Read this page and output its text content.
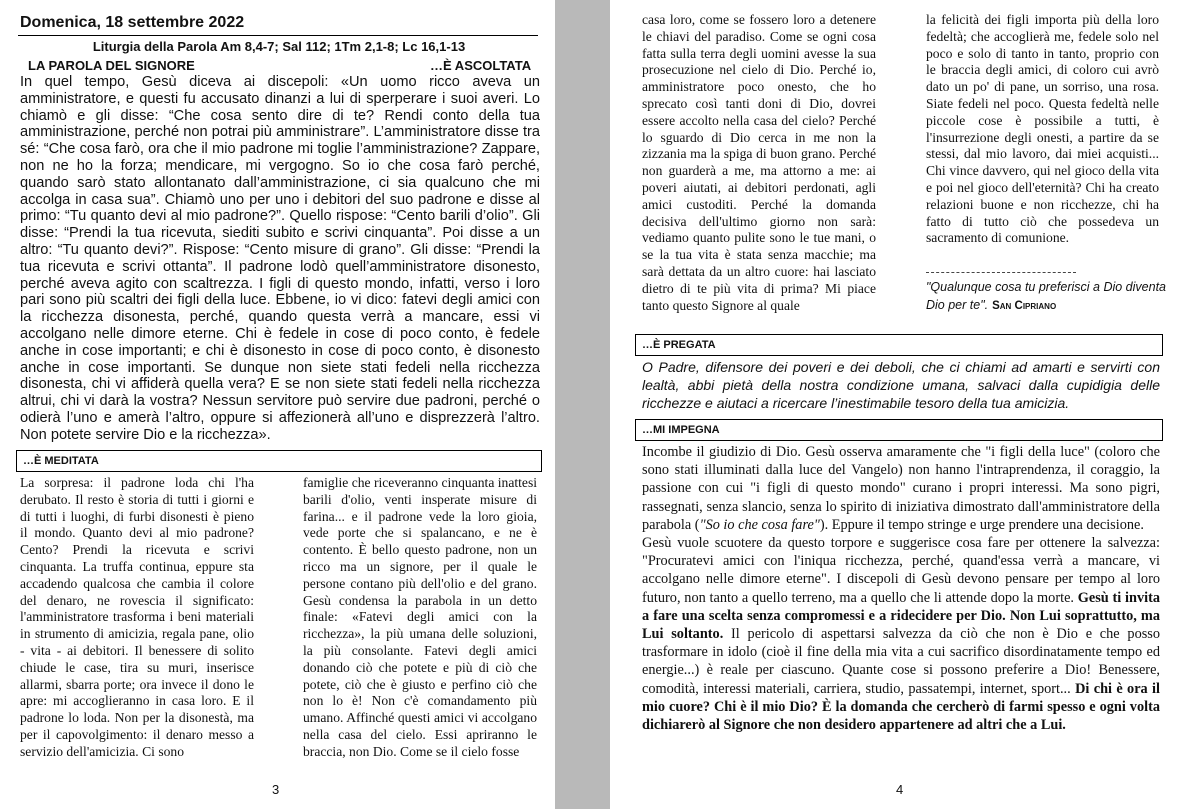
Domenica, 18 settembre 2022
Liturgia della Parola Am 8,4-7; Sal 112; 1Tm 2,1-8; Lc 16,1-13
LA PAROLA DEL SIGNORE	…È ASCOLTATA
In quel tempo, Gesù diceva ai discepoli: «Un uomo ricco aveva un amministratore, e questi fu accusato dinanzi a lui di sperperare i suoi averi. Lo chiamò e gli disse: “Che cosa sento dire di te? Rendi conto della tua amministrazione, perché non potrai più amministrare”. L’amministratore disse tra sé: “Che cosa farò, ora che il mio padrone mi toglie l’amministrazione? Zappare, non ne ho la forza; mendicare, mi vergogno. So io che cosa farò perché, quando sarò stato allontanato dall’amministrazione, ci sia qualcuno che mi accolga in casa sua”. Chiamò uno per uno i debitori del suo padrone e disse al primo: “Tu quanto devi al mio padrone?”. Quello rispose: “Cento barili d’olio”. Gli disse: “Prendi la tua ricevuta, siediti subito e scrivi cinquanta”. Poi disse a un altro: “Tu quanto devi?”. Rispose: “Cento misure di grano”. Gli disse: “Prendi la tua ricevuta e scrivi ottanta”. Il padrone lodò quell’amministratore disonesto, perché aveva agito con scaltrezza. I figli di questo mondo, infatti, verso i loro pari sono più scaltri dei figli della luce. Ebbene, io vi dico: fatevi degli amici con la ricchezza disonesta, perché, quando questa verrà a mancare, essi vi accolgano nelle dimore eterne. Chi è fedele in cose di poco conto, è fedele anche in cose importanti; e chi è disonesto in cose di poco conto, è disonesto anche in cose importanti. Se dunque non siete stati fedeli nella ricchezza disonesta, chi vi affiderà quella vera? E se non siete stati fedeli nella ricchezza altrui, chi vi darà la vostra? Nessun servitore può servire due padroni, perché o odierà l’uno e amerà l’altro, oppure si affezionerà all’uno e disprezzerà l’altro. Non potete servire Dio e la ricchezza».
…È MEDITATA
La sorpresa: il padrone loda chi l'ha derubato. Il resto è storia di tutti i giorni e di tutti i luoghi, di furbi disonesti è pieno il mondo. Quanto devi al mio padrone? Cento? Prendi la ricevuta e scrivi cinquanta. La truffa continua, eppure sta accadendo qualcosa che cambia il colore del denaro, ne rovescia il significato: l'amministratore trasforma i beni materiali in strumento di amicizia, regala pane, olio - vita - ai debitori. Il benessere di solito chiude le case, tira su muri, inserisce allarmi, sbarra porte; ora invece il dono le apre: mi accoglieranno in casa loro. E il padrone lo loda. Non per la disonestà, ma per il capovolgimento: il denaro messo a servizio dell'amicizia. Ci sono
famiglie che riceveranno cinquanta inattesi barili d'olio, venti insperate misure di farina... e il padrone vede la loro gioia, vede porte che si spalancano, e ne è contento. È bello questo padrone, non un ricco ma un signore, per il quale le persone contano più dell'olio e del grano. Gesù condensa la parabola in un detto finale: «Fatevi degli amici con la ricchezza», la più umana delle soluzioni, la più consolante. Fatevi degli amici donando ciò che potete e più di ciò che potete, ciò che è giusto e perfino ciò che non lo è! Non c'è comandamento più umano. Affinché questi amici vi accolgano nella casa del cielo. Essi apriranno le braccia, non Dio. Come se il cielo fosse
3
casa loro, come se fossero loro a detenere le chiavi del paradiso. Come se ogni cosa fatta sulla terra degli uomini avesse la sua prosecuzione nel cielo di Dio. Perché io, amministratore poco onesto, che ho sprecato così tanti doni di Dio, dovrei essere accolto nella casa del cielo? Perché lo sguardo di Dio cerca in me non la zizzania ma la spiga di buon grano. Perché non guarderà a me, ma attorno a me: ai poveri aiutati, ai debitori perdonati, agli amici custoditi. Perché la domanda decisiva dell'ultimo giorno non sarà: vediamo quanto pulite sono le tue mani, o se la tua vita è stata senza macchie; ma sarà dettata da un altro cuore: hai lasciato dietro di te più vita di prima? Mi piace tanto questo Signore al quale
la felicità dei figli importa più della loro fedeltà; che accoglierà me, fedele solo nel poco e solo di tanto in tanto, proprio con le braccia degli amici, di coloro cui avrò dato un po' di pane, un sorriso, una rosa. Siate fedeli nel poco. Questa fedeltà nelle piccole cose è possibile a tutti, è l'insurrezione degli onesti, a partire da se stessi, dal mio lavoro, dai miei acquisti... Chi vince davvero, qui nel gioco della vita e poi nel gioco dell'eternità? Chi ha creato relazioni buone e non ricchezze, chi ha fatto di tutto ciò che possedeva un sacramento di comunione.
"Qualunque cosa tu preferisci a Dio diventa Dio per te". San Cipriano
…È PREGATA
O Padre, difensore dei poveri e dei deboli, che ci chiami ad amarti e servirti con lealtà, abbi pietà della nostra condizione umana, salvaci dalla cupidigia delle ricchezze e aiutaci a ricercare l’inestimabile tesoro della tua amicizia.
…MI IMPEGNA

Incombe il giudizio di Dio. Gesù osserva amaramente che "i figli della luce" (coloro che sono stati illuminati dalla luce del Vangelo) non hanno l'intraprendenza, il coraggio, la passione con cui "i figli di questo mondo" curano i propri interessi. Ma sono pigri, rassegnati, senza slancio, senza lo spirito di iniziativa dimostrato dall'amministratore della parabola ("So io che cosa fare"). Eppure il tempo stringe e urge prendere una decisione.

Gesù vuole scuotere da questo torpore e suggerisce cosa fare per ottenere la salvezza: "Procuratevi amici con l'iniqua ricchezza, perché, quand'essa verrà a mancare, vi accolgano nelle dimore eterne". I discepoli di Gesù devono pensare per tempo al loro futuro, non tanto a quello terreno, ma a quello che li attende dopo la morte. Gesù ti invita a fare una scelta senza compromessi e a ridecidere per Dio. Non Lui soprattutto, ma Lui soltanto. Il pericolo di aspettarsi salvezza da ciò che non è Dio e che posso trasformare in idolo (cioè il fine della mia vita a cui sacrifico disordinatamente tempo ed energie...) è reale per ciascuno. Quante cose si possono preferire a Dio! Benessere, comodità, interessi materiali, carriera, studio, passatempi, internet, sport... Di chi è ora il mio cuore? Chi è il mio Dio? È la domanda che cercherò di farmi spesso e ogni volta dichiarerò al Signore che non desidero appartenere ad altri che a Lui.

4
